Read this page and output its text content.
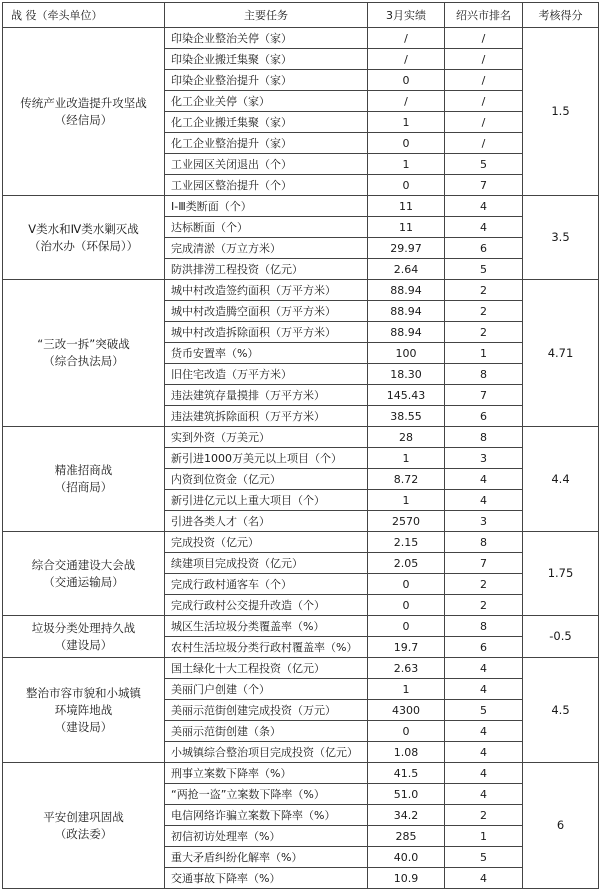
战 役（牵头单位）	主要任务	3月实绩	绍兴市排名	考核得分

传统产业改造提升攻坚战
（经信局）	印染企业整治关停（家）	/	/	1.5
	印染企业搬迁集聚（家）	/	/	
	印染企业整治提升（家）	0	/	
	化工企业关停（家）	/	/	
	化工企业搬迁集聚（家）	1	/	
	化工企业整治提升（家）	0	/	
	工业园区关闭退出（个）	1	5	
	工业园区整治提升（个）	0	7	

Ⅴ类水和Ⅳ类水剿灭战
（治水办（环保局））	Ⅰ-Ⅲ类断面（个）	11	4	3.5
	达标断面（个）	11	4	
	完成清淤（万立方米）	29.97	6	
	防洪排涝工程投资（亿元）	2.64	5	

“三改一拆”突破战
（综合执法局）	城中村改造签约面积（万平方米）	88.94	2	4.71
	城中村改造腾空面积（万平方米）	88.94	2	
	城中村改造拆除面积（万平方米）	88.94	2	
	货币安置率（%）	100	1	
	旧住宅改造（万平方米）	18.30	8	
	违法建筑存量摸排（万平方米）	145.43	7	
	违法建筑拆除面积（万平方米）	38.55	6	

精准招商战
（招商局）	实到外资（万美元）	28	8	4.4
	新引进1000万美元以上项目（个）	1	3	
	内资到位资金（亿元）	8.72	4	
	新引进亿元以上重大项目（个）	1	4	
	引进各类人才（名）	2570	3	

综合交通建设大会战
（交通运输局）	完成投资（亿元）	2.15	8	1.75
	续建项目完成投资（亿元）	2.05	7	
	完成行政村通客车（个）	0	2	
	完成行政村公交提升改造（个）	0	2	

垃圾分类处理持久战
（建设局）	城区生活垃圾分类覆盖率（%）	0	8	-0.5
	农村生活垃圾分类行政村覆盖率（%）	19.7	6	

整治市容市貌和小城镇
环境阵地战
（建设局）	国土绿化十大工程投资（亿元）	2.63	4	4.5
	美丽门户创建（个）	1	4	
	美丽示范街创建完成投资（万元）	4300	5	
	美丽示范街创建（条）	0	4	
	小城镇综合整治项目完成投资（亿元）	1.08	4	

平安创建巩固战
（政法委）	刑事立案数下降率（%）	41.5	4	6
	“两抢一盗”立案数下降率（%）	51.0	4	
	电信网络诈骗立案数下降率（%）	34.2	2	
	初信初访处理率（%）	285	1	
	重大矛盾纠纷化解率（%）	40.0	5	
	交通事故下降率（%）	10.9	4	
